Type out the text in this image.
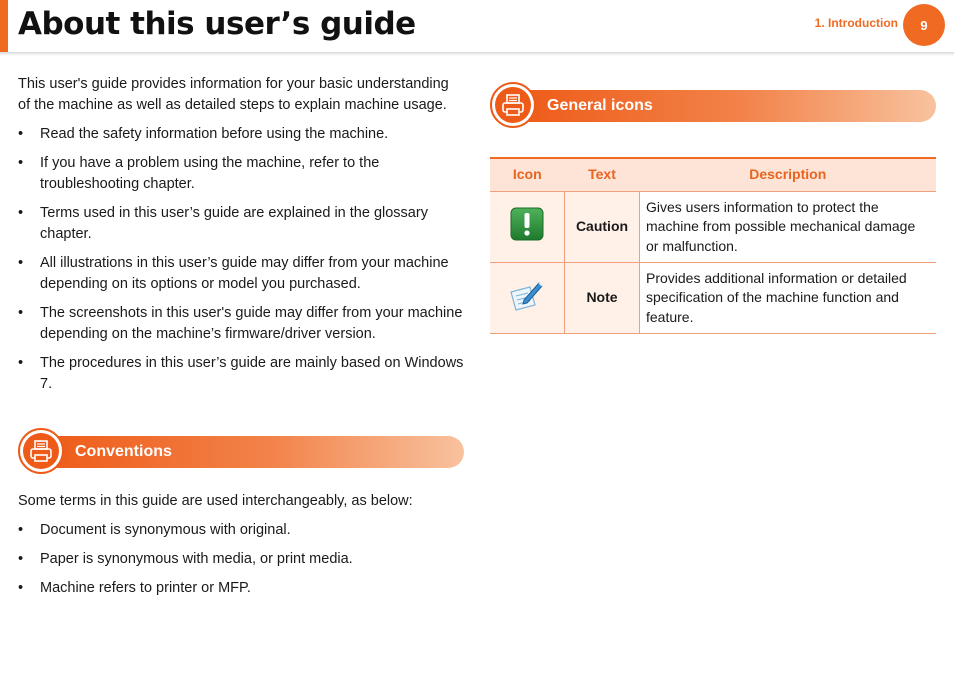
About this user’s guide	1. Introduction	9

This user's guide provides information for your basic understanding of the machine as well as detailed steps to explain machine usage.

• Read the safety information before using the machine.
• If you have a problem using the machine, refer to the troubleshooting chapter.
• Terms used in this user’s guide are explained in the glossary chapter.
• All illustrations in this user’s guide may differ from your machine depending on its options or model you purchased.
• The screenshots in this user's guide may differ from your machine depending on the machine’s firmware/driver version.
• The procedures in this user’s guide are mainly based on Windows 7.
Conventions

Some terms in this guide are used interchangeably, as below:

• Document is synonymous with original.
• Paper is synonymous with media, or print media.
• Machine refers to printer or MFP.
General icons
Icon	Text	Description
	Caution	Gives users information to protect the machine from possible mechanical damage or malfunction.
	Note	Provides additional information or detailed specification of the machine function and feature.
